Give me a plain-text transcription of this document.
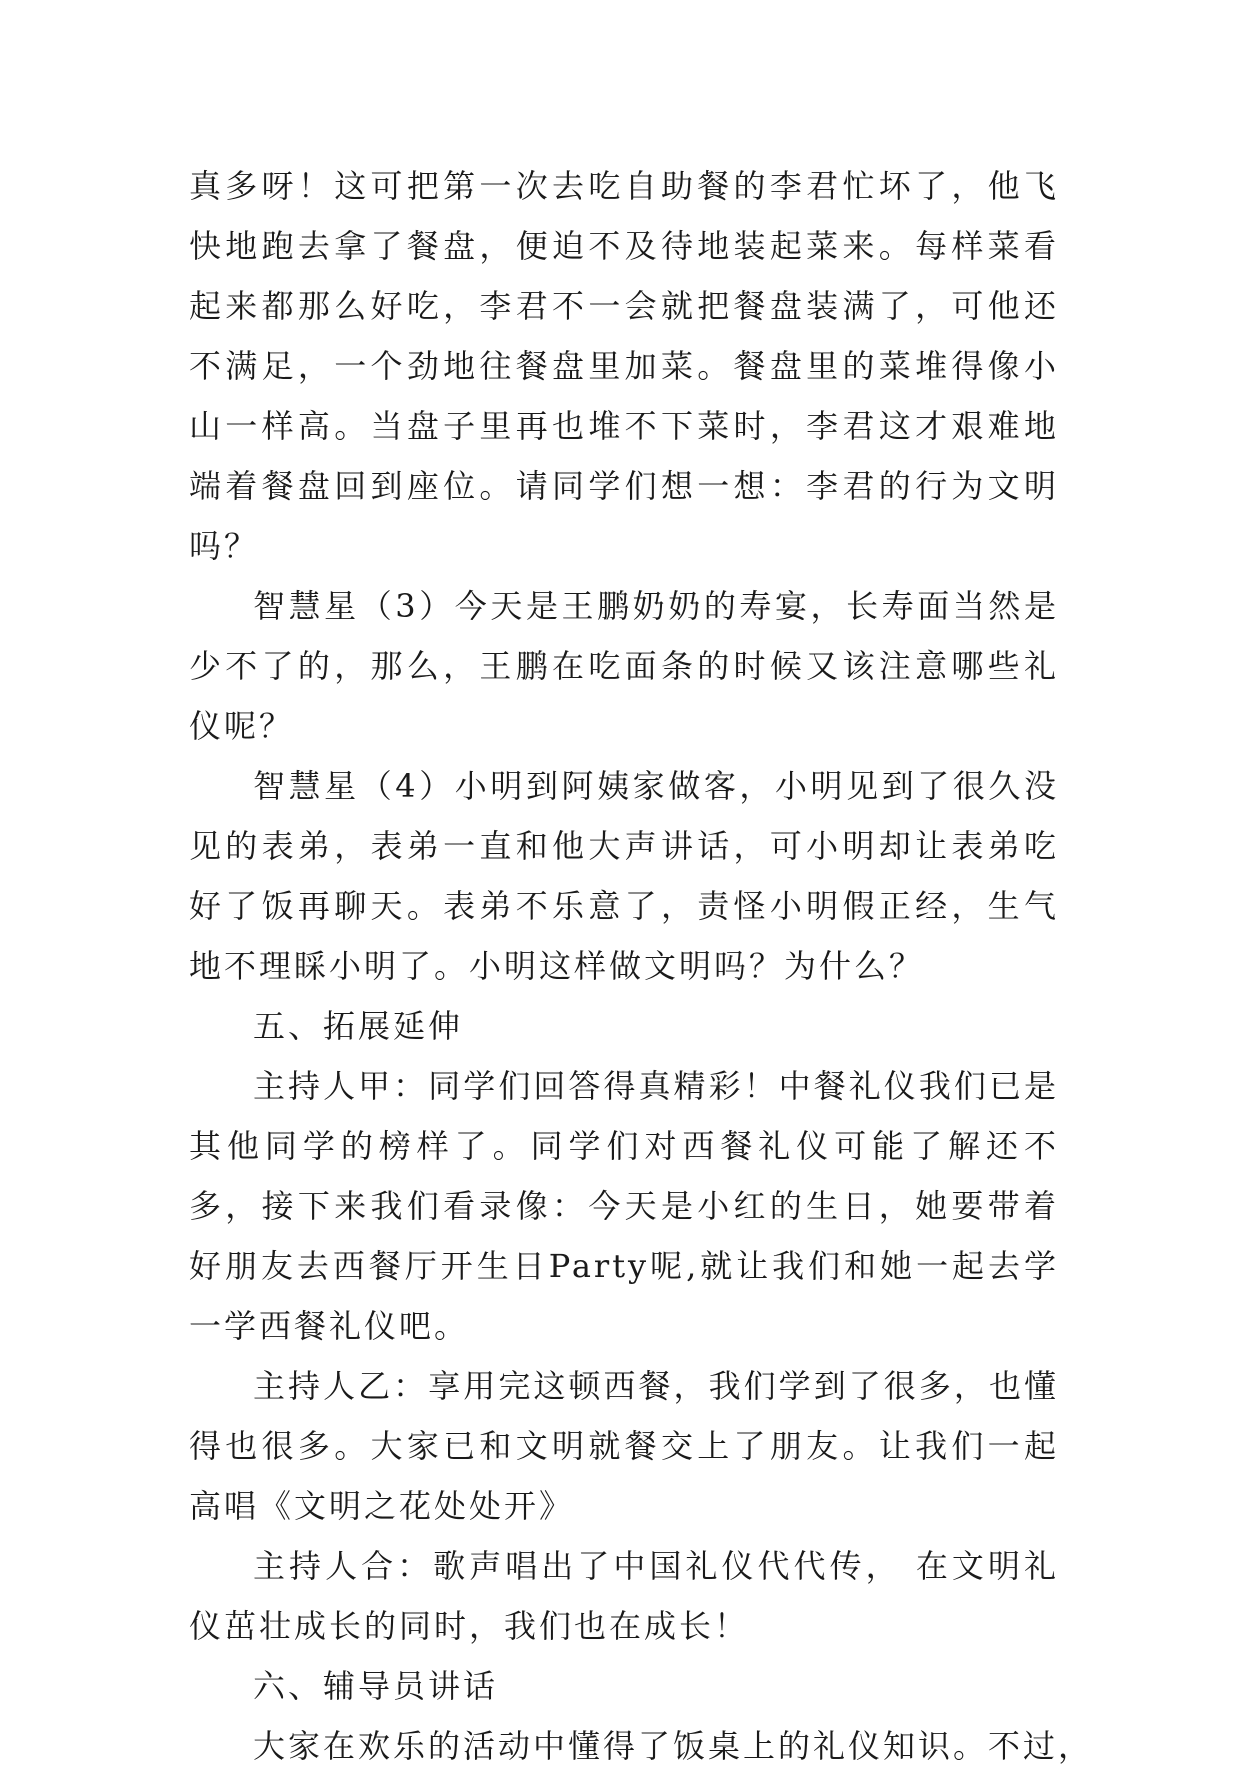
真多呀！这可把第一次去吃自助餐的李君忙坏了，他飞快地跑去拿了餐盘，便迫不及待地装起菜来。每样菜看起来都那么好吃，李君不一会就把餐盘装满了，可他还不满足，一个劲地往餐盘里加菜。餐盘里的菜堆得像小山一样高。当盘子里再也堆不下菜时，李君这才艰难地端着餐盘回到座位。请同学们想一想：李君的行为文明吗？

智慧星（3）今天是王鹏奶奶的寿宴，长寿面当然是少不了的，那么，王鹏在吃面条的时候又该注意哪些礼仪呢？

智慧星（4）小明到阿姨家做客，小明见到了很久没见的表弟，表弟一直和他大声讲话，可小明却让表弟吃好了饭再聊天。表弟不乐意了，责怪小明假正经，生气地不理睬小明了。小明这样做文明吗？为什么？

五、拓展延伸

主持人甲：同学们回答得真精彩！中餐礼仪我们已是其他同学的榜样了。同学们对西餐礼仪可能了解还不多，接下来我们看录像：今天是小红的生日，她要带着好朋友去西餐厅开生日Party呢,就让我们和她一起去学一学西餐礼仪吧。

主持人乙：享用完这顿西餐，我们学到了很多，也懂得也很多。大家已和文明就餐交上了朋友。让我们一起高唱《文明之花处处开》

主持人合：歌声唱出了中国礼仪代代传， 在文明礼仪茁壮成长的同时，我们也在成长！

六、辅导员讲话

大家在欢乐的活动中懂得了饭桌上的礼仪知识。不过，
